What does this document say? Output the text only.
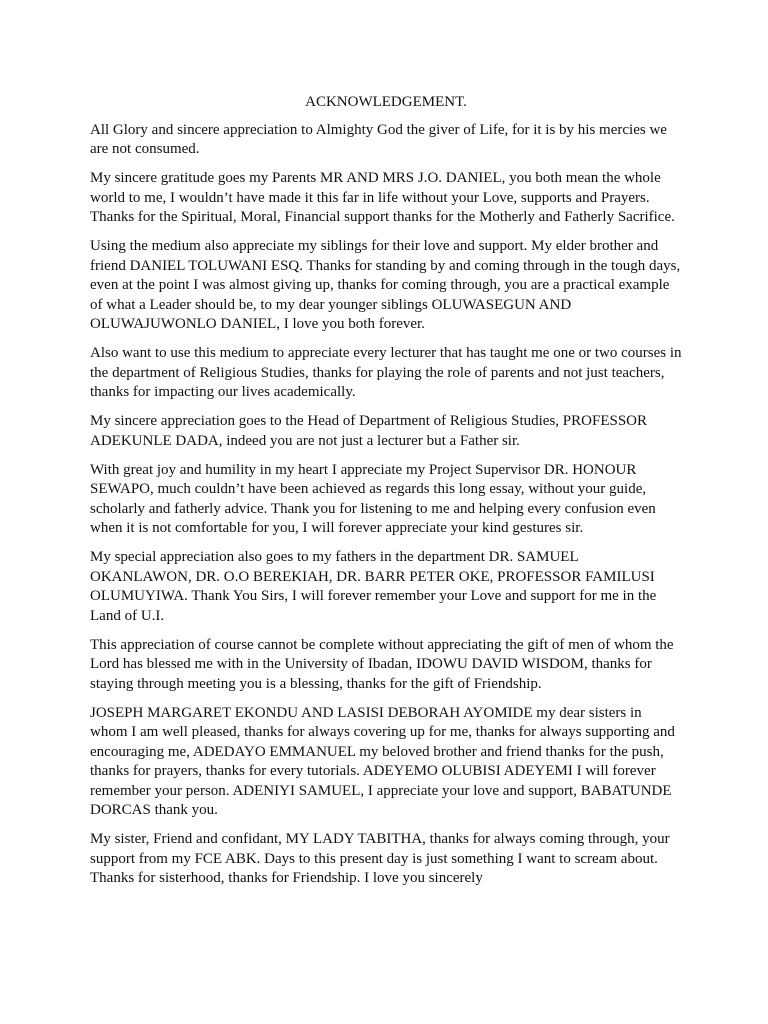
ACKNOWLEDGEMENT.

All Glory and sincere appreciation to Almighty God the giver of Life, for it is by his mercies we are not consumed.

My sincere gratitude goes my Parents MR AND MRS J.O. DANIEL, you both mean the whole world to me, I wouldn’t have made it this far in life without your Love, supports and Prayers. Thanks for the Spiritual, Moral, Financial support thanks for the Motherly and Fatherly Sacrifice.

Using the medium also appreciate my siblings for their love and support. My elder brother and friend DANIEL TOLUWANI ESQ. Thanks for standing by and coming through in the tough days, even at the point I was almost giving up, thanks for coming through, you are a practical example of what a Leader should be, to my dear younger siblings OLUWASEGUN AND OLUWAJUWONLO DANIEL, I love you both forever.

Also want to use this medium to appreciate every lecturer that has taught me one or two courses in the department of Religious Studies, thanks for playing the role of parents and not just teachers, thanks for impacting our lives academically.

My sincere appreciation goes to the Head of Department of Religious Studies, PROFESSOR ADEKUNLE DADA, indeed you are not just a lecturer but a Father sir.

With great joy and humility in my heart I appreciate my Project Supervisor DR. HONOUR SEWAPO, much couldn’t have been achieved as regards this long essay, without your guide, scholarly and fatherly advice. Thank you for listening to me and helping every confusion even when it is not comfortable for you, I will forever appreciate your kind gestures sir.

My special appreciation also goes to my fathers in the department DR. SAMUEL OKANLAWON, DR. O.O BEREKIAH, DR. BARR PETER OKE, PROFESSOR FAMILUSI OLUMUYIWA. Thank You Sirs, I will forever remember your Love and support for me in the Land of U.I.

This appreciation of course cannot be complete without appreciating the gift of men of whom the Lord has blessed me with in the University of Ibadan, IDOWU DAVID WISDOM, thanks for staying through meeting you is a blessing, thanks for the gift of Friendship.

JOSEPH MARGARET EKONDU AND LASISI DEBORAH AYOMIDE my dear sisters in whom I am well pleased, thanks for always covering up for me, thanks for always supporting and encouraging me, ADEDAYO EMMANUEL my beloved brother and friend thanks for the push, thanks for prayers, thanks for every tutorials. ADEYEMO OLUBISI ADEYEMI I will forever remember your person. ADENIYI SAMUEL, I appreciate your love and support, BABATUNDE DORCAS thank you.

My sister, Friend and confidant, MY LADY TABITHA, thanks for always coming through, your support from my FCE ABK. Days to this present day is just something I want to scream about. Thanks for sisterhood, thanks for Friendship. I love you sincerely
